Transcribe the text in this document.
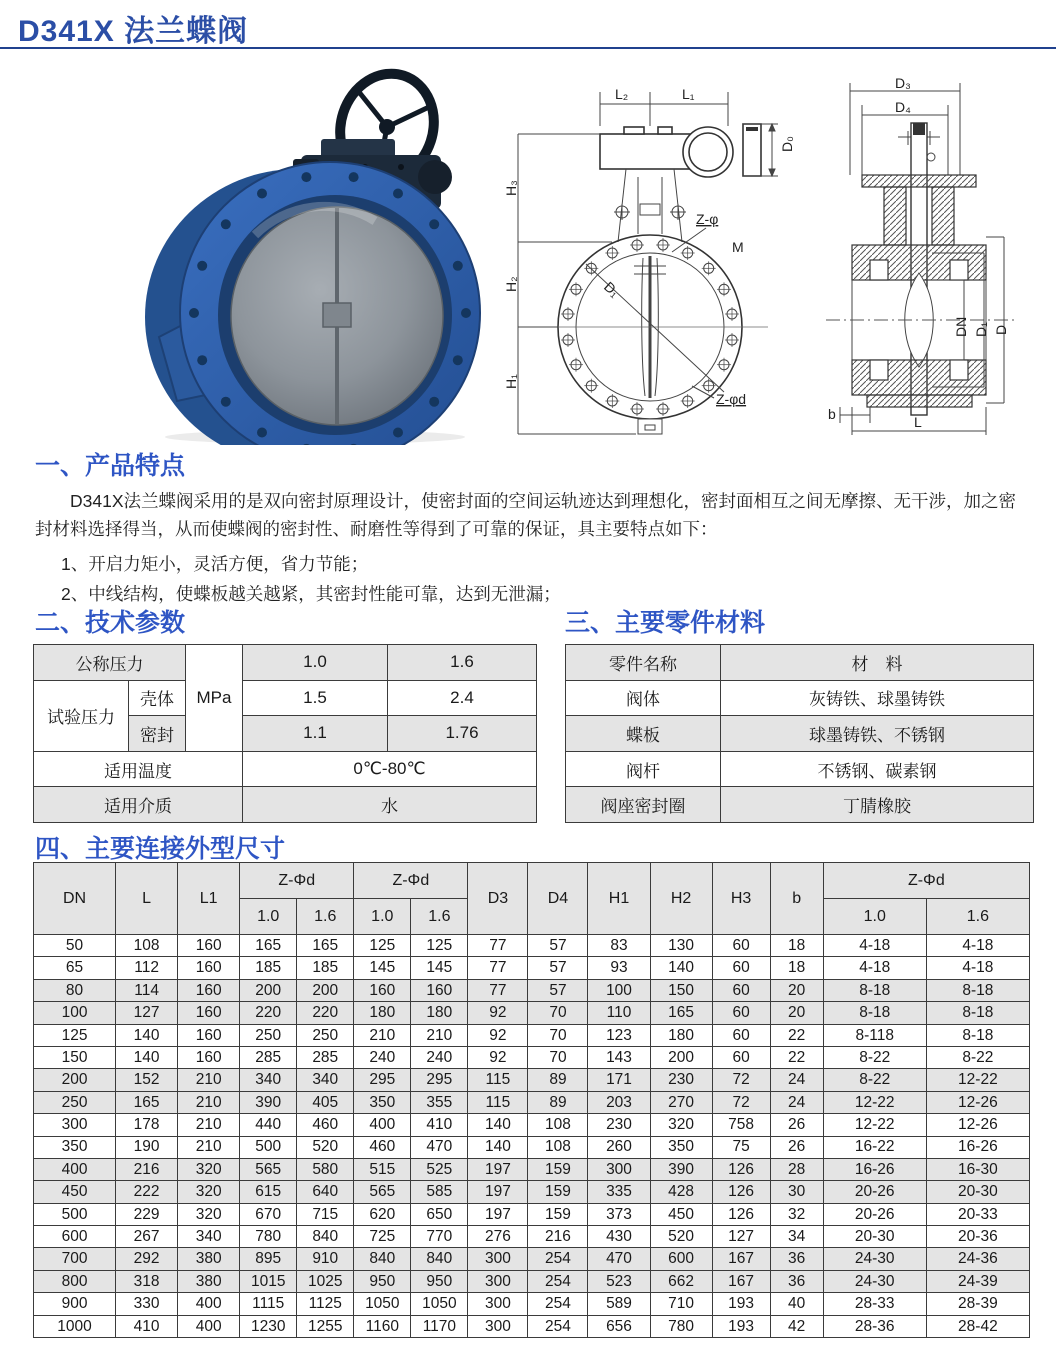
D341X 法兰蝶阀
L₂	L₁
D₀
D₁
H₃
H₂
H₁
Z-φ
M
Z-φd
D₃
D₄
DN D₁ D
b	L
一、产品特点

D341X法兰蝶阀采用的是双向密封原理设计，使密封面的空间运轨迹达到理想化，密封面相互之间无摩擦、无干涉，加之密封材料选择得当，从而使蝶阀的密封性、耐磨性等得到了可靠的保证，具主要特点如下：

1、开启力矩小，灵活方便，省力节能；
2、中线结构，使蝶板越关越紧，其密封性能可靠，达到无泄漏；
二、技术参数	三、主要零件材料
公称压力		MPa	1.0	1.6
试验压力	壳体		1.5	2.4
	密封		1.1	1.76
适用温度			0℃-80℃	
适用介质			水	
零件名称	材　料
阀体	灰铸铁、球墨铸铁
蝶板	球墨铸铁、不锈钢
阀杆	不锈钢、碳素钢
阀座密封圈	丁腈橡胶
四、主要连接外型尺寸
DN	L	L1	Z-Φd		Z-Φd		D3	D4	H1	H2	H3	b	Z-Φd	
			1.0	1.6	1.0	1.6							1.0	1.6
50	108	160	165	165	125	125	77	57	83	130	60	18	4-18	4-18
65	112	160	185	185	145	145	77	57	93	140	60	18	4-18	4-18
80	114	160	200	200	160	160	77	57	100	150	60	20	8-18	8-18
100	127	160	220	220	180	180	92	70	110	165	60	20	8-18	8-18
125	140	160	250	250	210	210	92	70	123	180	60	22	8-118	8-18
150	140	160	285	285	240	240	92	70	143	200	60	22	8-22	8-22
200	152	210	340	340	295	295	115	89	171	230	72	24	8-22	12-22
250	165	210	390	405	350	355	115	89	203	270	72	24	12-22	12-26
300	178	210	440	460	400	410	140	108	230	320	758	26	12-22	12-26
350	190	210	500	520	460	470	140	108	260	350	75	26	16-22	16-26
400	216	320	565	580	515	525	197	159	300	390	126	28	16-26	16-30
450	222	320	615	640	565	585	197	159	335	428	126	30	20-26	20-30
500	229	320	670	715	620	650	197	159	373	450	126	32	20-26	20-33
600	267	340	780	840	725	770	276	216	430	520	127	34	20-30	20-36
700	292	380	895	910	840	840	300	254	470	600	167	36	24-30	24-36
800	318	380	1015	1025	950	950	300	254	523	662	167	36	24-30	24-39
900	330	400	1115	1125	1050	1050	300	254	589	710	193	40	28-33	28-39
1000	410	400	1230	1255	1160	1170	300	254	656	780	193	42	28-36	28-42
